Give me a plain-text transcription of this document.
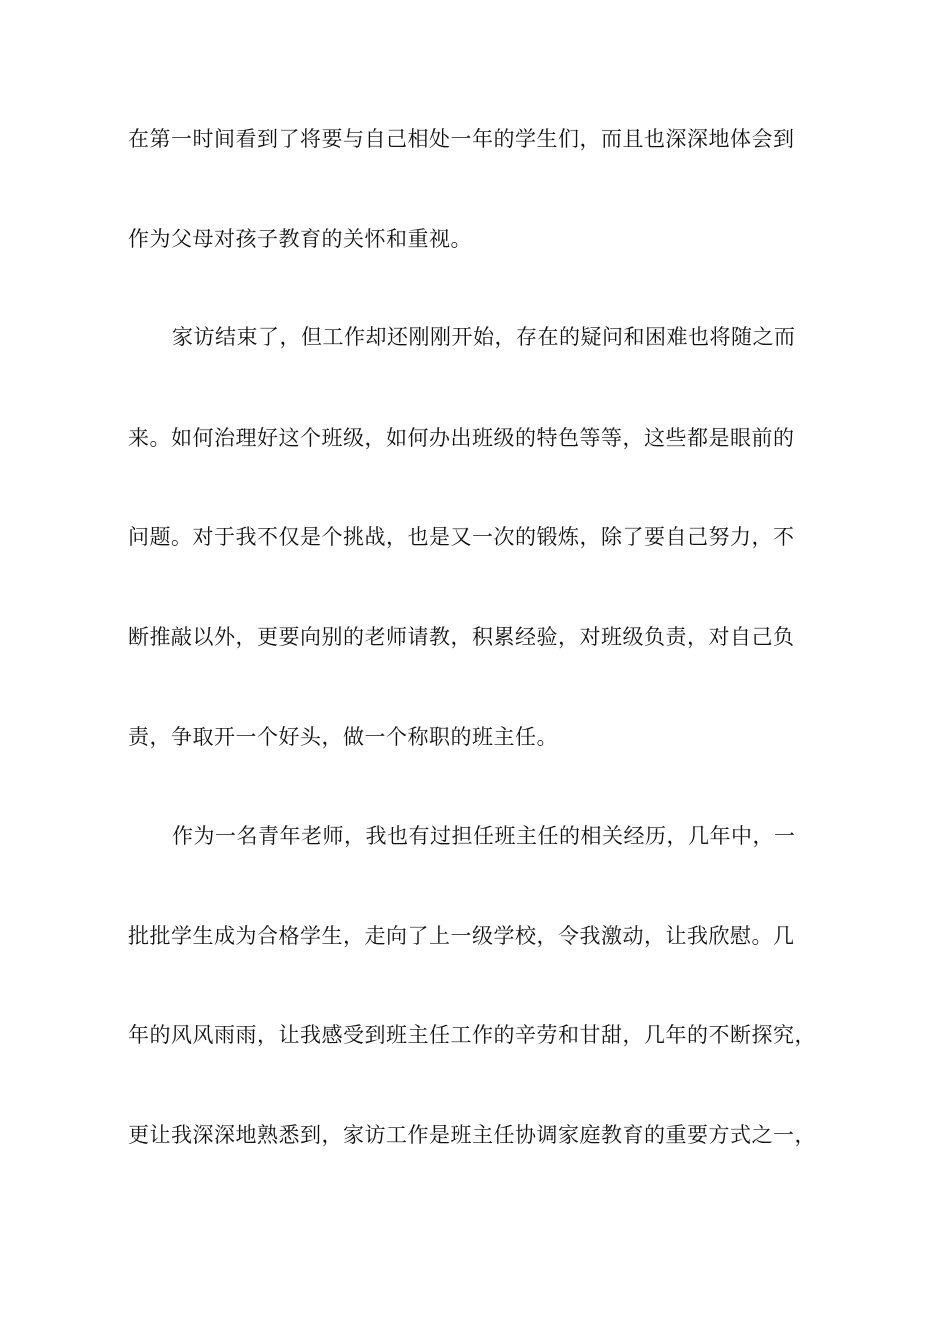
在第一时间看到了将要与自己相处一年的学生们，而且也深深地体会到
作为父母对孩子教育的关怀和重视。
家访结束了，但工作却还刚刚开始，存在的疑问和困难也将随之而
来。如何治理好这个班级，如何办出班级的特色等等，这些都是眼前的
问题。对于我不仅是个挑战，也是又一次的锻炼，除了要自己努力，不
断推敲以外，更要向别的老师请教，积累经验，对班级负责，对自己负
责，争取开一个好头，做一个称职的班主任。
作为一名青年老师，我也有过担任班主任的相关经历，几年中，一
批批学生成为合格学生，走向了上一级学校，令我激动，让我欣慰。几
年的风风雨雨，让我感受到班主任工作的辛劳和甘甜，几年的不断探究，
更让我深深地熟悉到，家访工作是班主任协调家庭教育的重要方式之一，
